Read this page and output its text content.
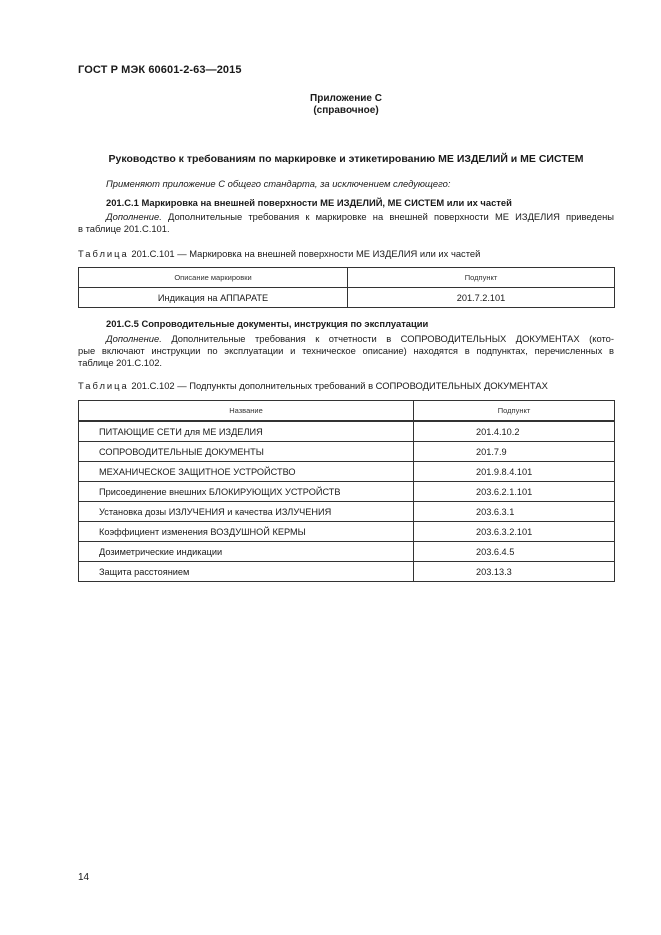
ГОСТ Р МЭК 60601-2-63—2015
Приложение С
(справочное)
Руководство к требованиям по маркировке и этикетированию МЕ ИЗДЕЛИЙ и МЕ СИСТЕМ
Применяют приложение С общего стандарта, за исключением следующего:
201.C.1 Маркировка на внешней поверхности МЕ ИЗДЕЛИЙ, МЕ СИСТЕМ или их частей
Дополнение. Дополнительные требования к маркировке на внешней поверхности МЕ ИЗДЕЛИЯ приведены
в таблице 201.С.101.
Таблица 201.С.101 — Маркировка на внешней поверхности МЕ ИЗДЕЛИЯ или их частей
Описание маркировки	Подпункт
Индикация на АППАРАТЕ	201.7.2.101
201.C.5 Сопроводительные документы, инструкция по эксплуатации
Дополнение. Дополнительные требования к отчетности в СОПРОВОДИТЕЛЬНЫХ ДОКУМЕНТАХ (кото-
рые включают инструкции по эксплуатации и техническое описание) находятся в подпунктах, перечисленных в
таблице 201.С.102.
Таблица 201.С.102 — Подпункты дополнительных требований в СОПРОВОДИТЕЛЬНЫХ ДОКУМЕНТАХ
Название	Подпункт
ПИТАЮЩИЕ СЕТИ для МЕ ИЗДЕЛИЯ	201.4.10.2
СОПРОВОДИТЕЛЬНЫЕ ДОКУМЕНТЫ	201.7.9
МЕХАНИЧЕСКОЕ ЗАЩИТНОЕ УСТРОЙСТВО	201.9.8.4.101
Присоединение внешних БЛОКИРУЮЩИХ УСТРОЙСТВ	203.6.2.1.101
Установка дозы ИЗЛУЧЕНИЯ и качества ИЗЛУЧЕНИЯ	203.6.3.1
Коэффициент изменения ВОЗДУШНОЙ КЕРМЫ	203.6.3.2.101
Дозиметрические индикации	203.6.4.5
Защита расстоянием	203.13.3
14
